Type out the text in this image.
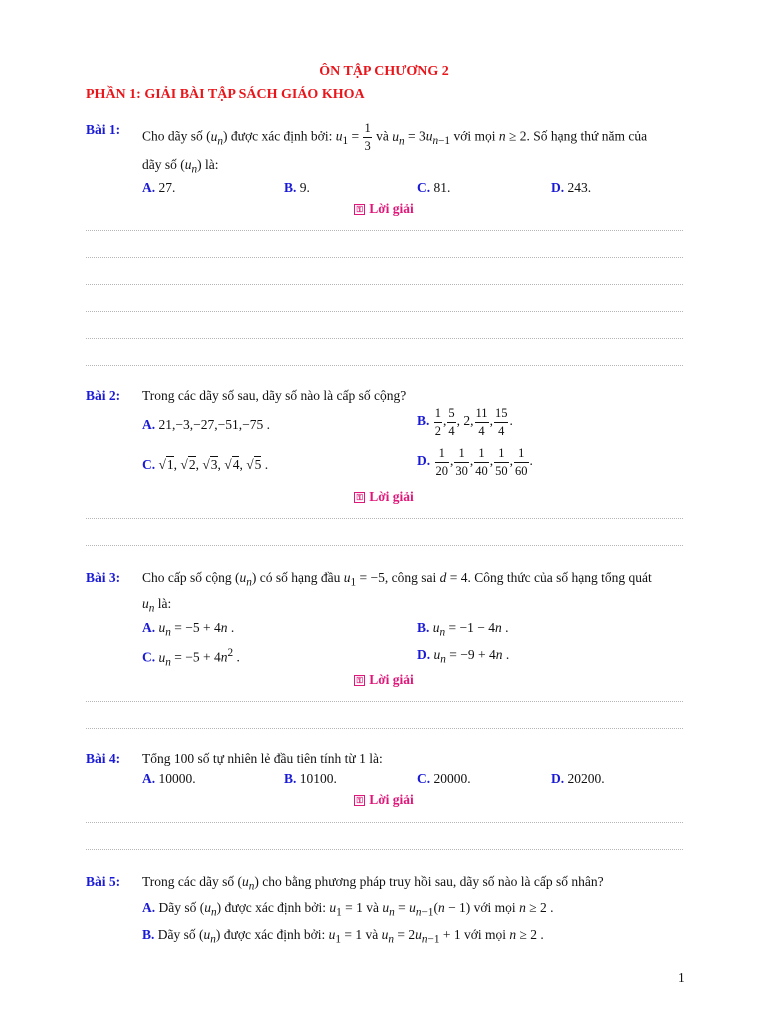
ÔN TẬP CHƯƠNG 2
PHẦN 1: GIẢI BÀI TẬP SÁCH GIÁO KHOA
Bài 1: Cho dãy số $(u_n)$ được xác định bởi: $u_1 = \frac{1}{3}$ và $u_n = 3u_{n-1}$ với mọi n ≥ 2. Số hạng thứ năm của
dãy số $(u_n)$ là:
A. 27.	B. 9.	C. 81.	D. 243.
⚿ Lời giải
Bài 2: Trong các dãy số sau, dãy số nào là cấp số cộng?
A. 21,−3,−27,−51,−75 .	B. $\frac{1}{2}$ , $\frac{5}{4}$ , 2, $\frac{11}{4}$ , $\frac{15}{4}$ .
C. √1, √2, √3, √4, √5 .	D. $\frac{1}{20}$ , $\frac{1}{30}$ , $\frac{1}{40}$ , $\frac{1}{50}$ , $\frac{1}{60}$ .
⚿ Lời giải
Bài 3: Cho cấp số cộng $(u_n)$ có số hạng đầu $u_1 = -5$, công sai d = 4. Công thức của số hạng tổng quát
$u_n$ là:
A. $u_n = -5 + 4n$ .	B. $u_n = -1 - 4n$ .
C. $u_n = -5 + 4n^2$ .	D. $u_n = -9 + 4n$ .
⚿ Lời giải
Bài 4: Tổng 100 số tự nhiên lẻ đầu tiên tính từ 1 là:
A. 10000.	B. 10100.	C. 20000.	D. 20200.
⚿ Lời giải
Bài 5: Trong các dãy số $(u_n)$ cho bằng phương pháp truy hồi sau, dãy số nào là cấp số nhân?
A. Dãy số $(u_n)$ được xác định bởi: $u_1 = 1$ và $u_n = u_{n-1}(n - 1)$ với mọi n ≥ 2 .
B. Dãy số $(u_n)$ được xác định bởi: $u_1 = 1$ và $u_n = 2u_{n-1} + 1$ với mọi n ≥ 2 .
1
